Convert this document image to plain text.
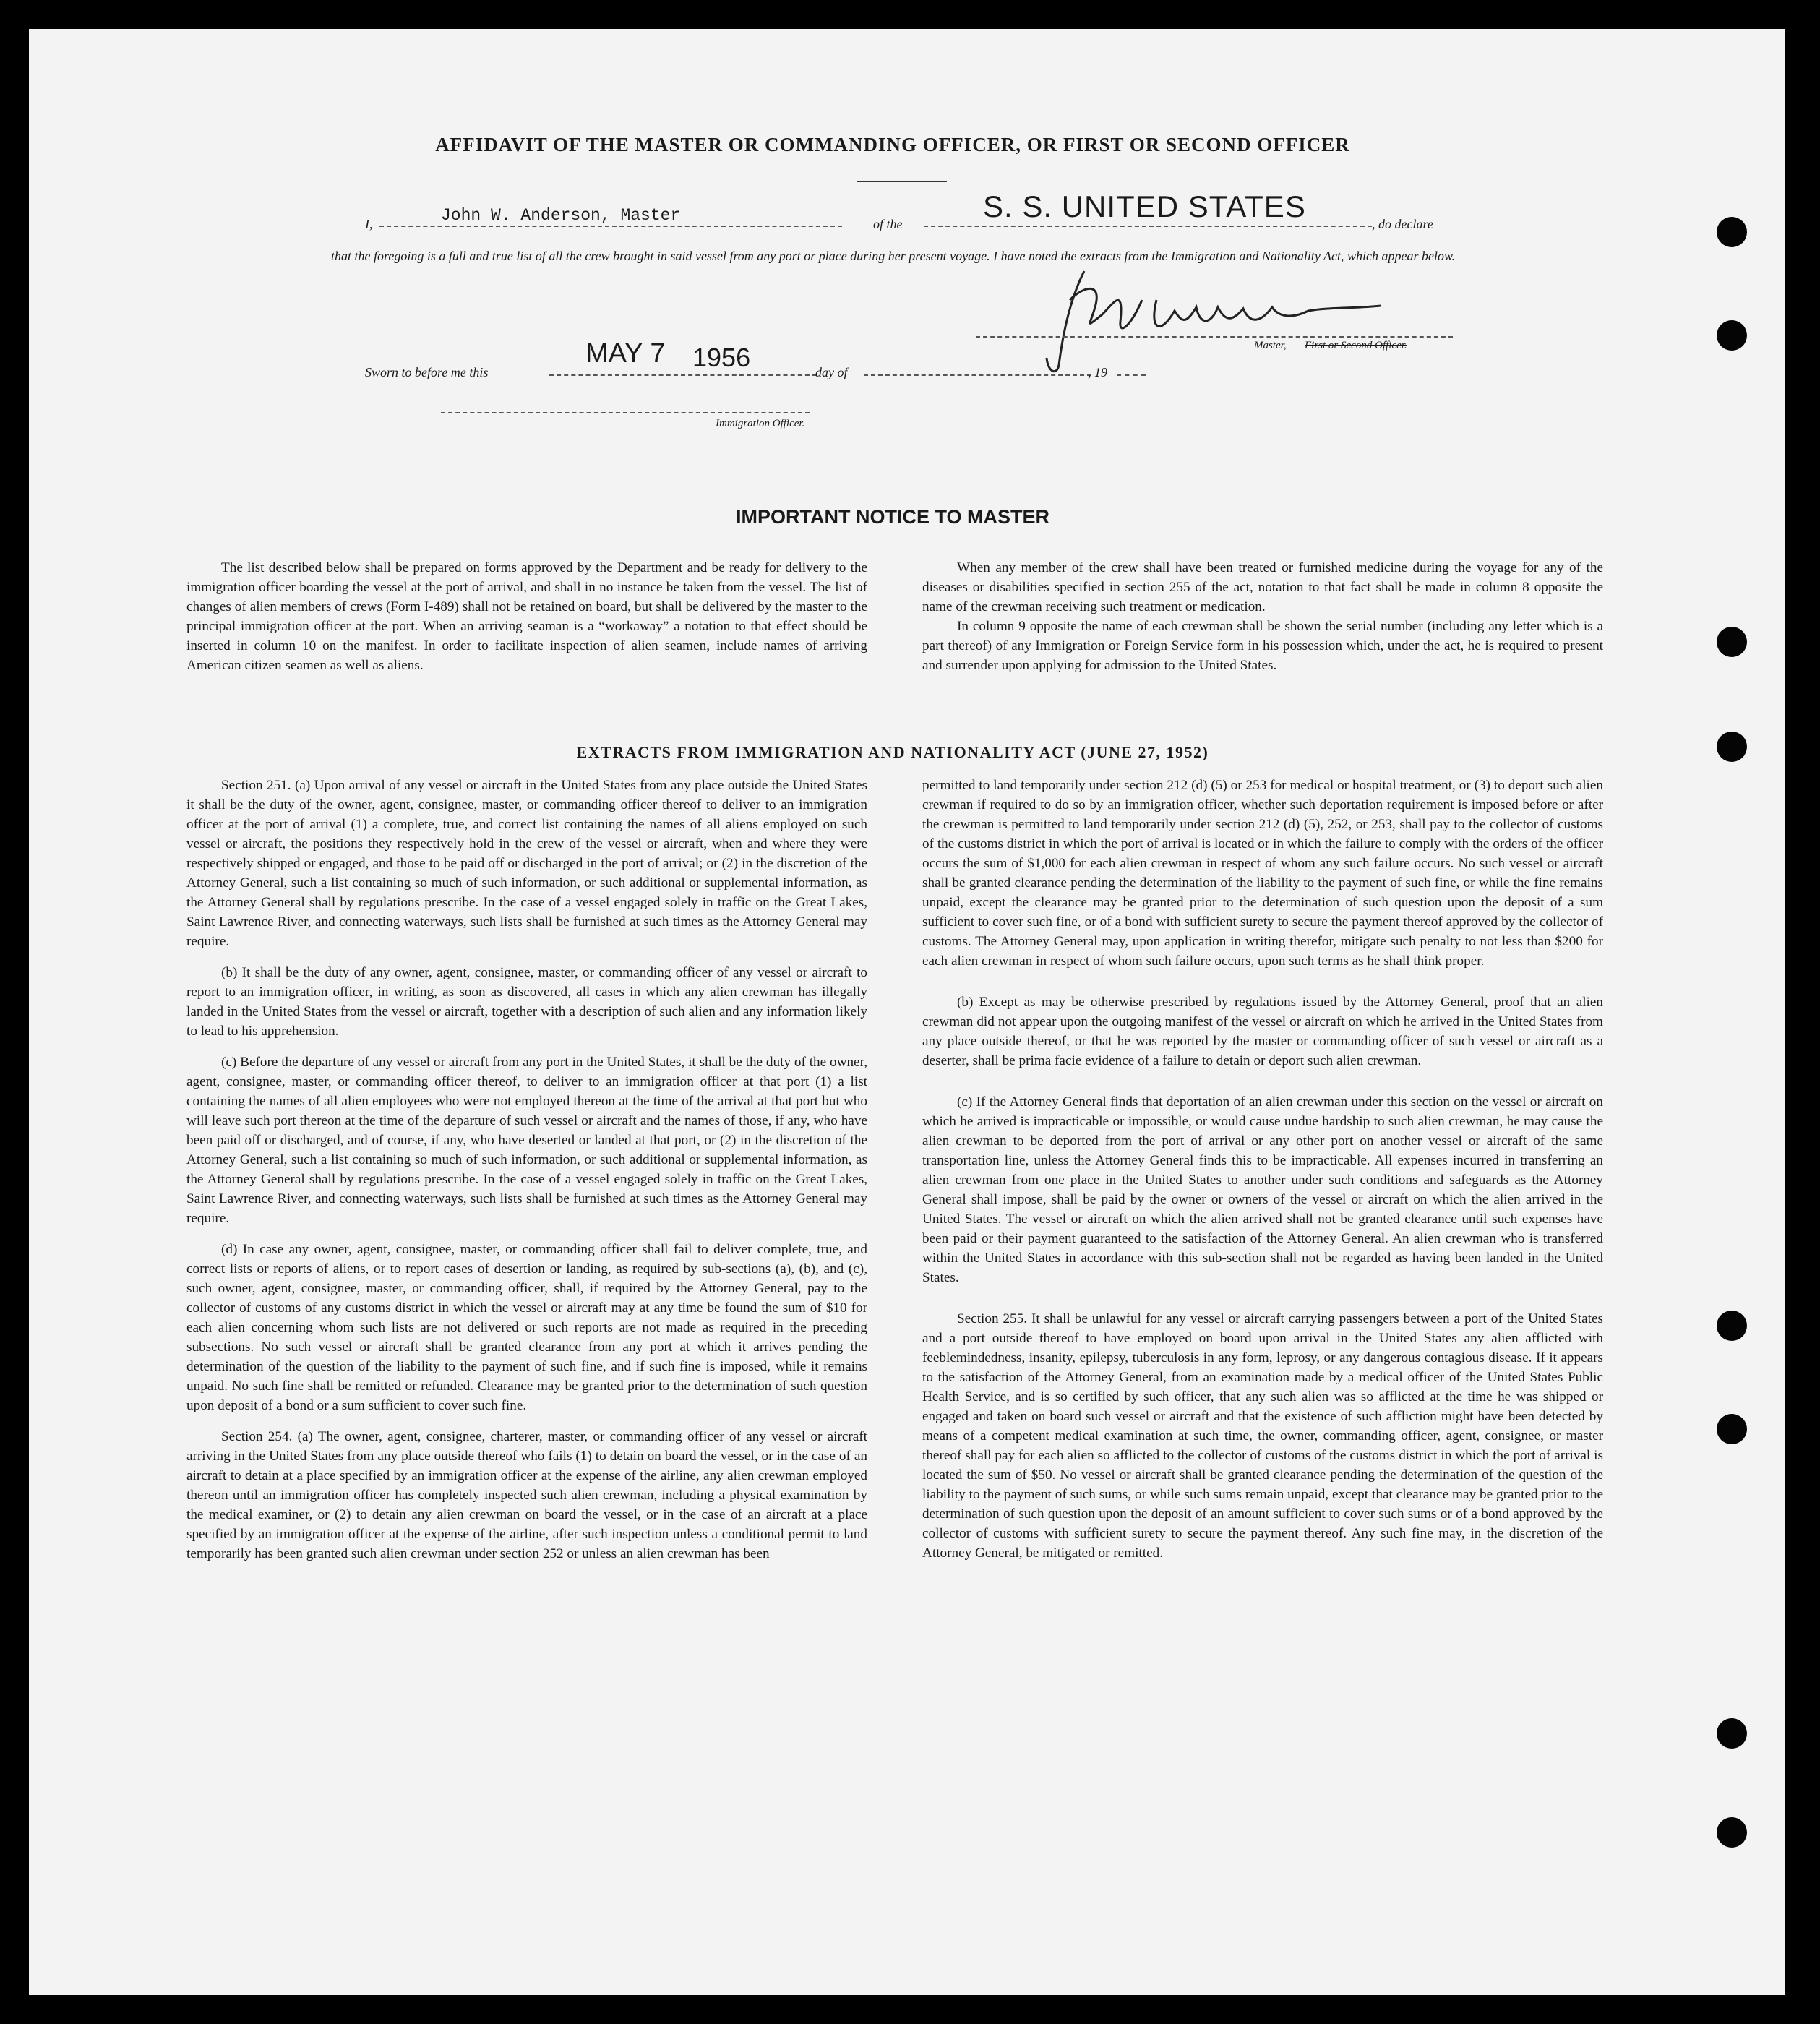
AFFIDAVIT OF THE MASTER OR COMMANDING OFFICER, OR FIRST OR SECOND OFFICER
I,	John W. Anderson, Master	of the
S. S. UNITED STATES
, do declare
that the foregoing is a full and true list of all the crew brought in said vessel from any port or place during her present voyage. I have noted the extracts from the Immigration and Nationality Act, which appear below.
Master, First or Second Officer.
Sworn to before me this
MAY 7 1956	day of	, 19
Immigration Officer.
IMPORTANT NOTICE TO MASTER

The list described below shall be prepared on forms approved by the Department and be ready for delivery to the immigration officer boarding the vessel at the port of arrival, and shall in no instance be taken from the vessel. The list of changes of alien members of crews (Form I-489) shall not be retained on board, but shall be delivered by the master to the principal immigration officer at the port. When an arriving seaman is a “workaway” a notation to that effect should be inserted in column 10 on the manifest. In order to facilitate inspection of alien seamen, include names of arriving American citizen seamen as well as aliens.

When any member of the crew shall have been treated or furnished medicine during the voyage for any of the diseases or disabilities specified in section 255 of the act, notation to that fact shall be made in column 8 opposite the name of the crewman receiving such treatment or medication.

In column 9 opposite the name of each crewman shall be shown the serial number (including any letter which is a part thereof) of any Immigration or Foreign Service form in his possession which, under the act, he is required to present and surrender upon applying for admission to the United States.

EXTRACTS FROM IMMIGRATION AND NATIONALITY ACT (JUNE 27, 1952)

Section 251. (a) Upon arrival of any vessel or aircraft in the United States from any place outside the United States it shall be the duty of the owner, agent, consignee, master, or commanding officer thereof to deliver to an immigration officer at the port of arrival (1) a complete, true, and correct list containing the names of all aliens employed on such vessel or aircraft, the positions they respectively hold in the crew of the vessel or aircraft, when and where they were respectively shipped or engaged, and those to be paid off or discharged in the port of arrival; or (2) in the discretion of the Attorney General, such a list containing so much of such information, or such additional or supplemental information, as the Attorney General shall by regulations prescribe. In the case of a vessel engaged solely in traffic on the Great Lakes, Saint Lawrence River, and connecting waterways, such lists shall be furnished at such times as the Attorney General may require.

(b) It shall be the duty of any owner, agent, consignee, master, or commanding officer of any vessel or aircraft to report to an immigration officer, in writing, as soon as discovered, all cases in which any alien crewman has illegally landed in the United States from the vessel or aircraft, together with a description of such alien and any information likely to lead to his apprehension.

(c) Before the departure of any vessel or aircraft from any port in the United States, it shall be the duty of the owner, agent, consignee, master, or commanding officer thereof, to deliver to an immigration officer at that port (1) a list containing the names of all alien employees who were not employed thereon at the time of the arrival at that port but who will leave such port thereon at the time of the departure of such vessel or aircraft and the names of those, if any, who have been paid off or discharged, and of course, if any, who have deserted or landed at that port, or (2) in the discretion of the Attorney General, such a list containing so much of such information, or such additional or supplemental information, as the Attorney General shall by regulations prescribe. In the case of a vessel engaged solely in traffic on the Great Lakes, Saint Lawrence River, and connecting waterways, such lists shall be furnished at such times as the Attorney General may require.

(d) In case any owner, agent, consignee, master, or commanding officer shall fail to deliver complete, true, and correct lists or reports of aliens, or to report cases of desertion or landing, as required by sub-sections (a), (b), and (c), such owner, agent, consignee, master, or commanding officer, shall, if required by the Attorney General, pay to the collector of customs of any customs district in which the vessel or aircraft may at any time be found the sum of $10 for each alien concerning whom such lists are not delivered or such reports are not made as required in the preceding subsections. No such vessel or aircraft shall be granted clearance from any port at which it arrives pending the determination of the question of the liability to the payment of such fine, and if such fine is imposed, while it remains unpaid. No such fine shall be remitted or refunded. Clearance may be granted prior to the determination of such question upon deposit of a bond or a sum sufficient to cover such fine.

Section 254. (a) The owner, agent, consignee, charterer, master, or commanding officer of any vessel or aircraft arriving in the United States from any place outside thereof who fails (1) to detain on board the vessel, or in the case of an aircraft to detain at a place specified by an immigration officer at the expense of the airline, any alien crewman employed thereon until an immigration officer has completely inspected such alien crewman, including a physical examination by the medical examiner, or (2) to detain any alien crewman on board the vessel, or in the case of an aircraft at a place specified by an immigration officer at the expense of the airline, after such inspection unless a conditional permit to land temporarily has been granted such alien crewman under section 252 or unless an alien crewman has been

permitted to land temporarily under section 212 (d) (5) or 253 for medical or hospital treatment, or (3) to deport such alien crewman if required to do so by an immigration officer, whether such deportation requirement is imposed before or after the crewman is permitted to land temporarily under section 212 (d) (5), 252, or 253, shall pay to the collector of customs of the customs district in which the port of arrival is located or in which the failure to comply with the orders of the officer occurs the sum of $1,000 for each alien crewman in respect of whom any such failure occurs. No such vessel or aircraft shall be granted clearance pending the determination of the liability to the payment of such fine, or while the fine remains unpaid, except the clearance may be granted prior to the determination of such question upon the deposit of a sum sufficient to cover such fine, or of a bond with sufficient surety to secure the payment thereof approved by the collector of customs. The Attorney General may, upon application in writing therefor, mitigate such penalty to not less than $200 for each alien crewman in respect of whom such failure occurs, upon such terms as he shall think proper.

(b) Except as may be otherwise prescribed by regulations issued by the Attorney General, proof that an alien crewman did not appear upon the outgoing manifest of the vessel or aircraft on which he arrived in the United States from any place outside thereof, or that he was reported by the master or commanding officer of such vessel or aircraft as a deserter, shall be prima facie evidence of a failure to detain or deport such alien crewman.

(c) If the Attorney General finds that deportation of an alien crewman under this section on the vessel or aircraft on which he arrived is impracticable or impossible, or would cause undue hardship to such alien crewman, he may cause the alien crewman to be deported from the port of arrival or any other port on another vessel or aircraft of the same transportation line, unless the Attorney General finds this to be impracticable. All expenses incurred in transferring an alien crewman from one place in the United States to another under such conditions and safeguards as the Attorney General shall impose, shall be paid by the owner or owners of the vessel or aircraft on which the alien arrived in the United States. The vessel or aircraft on which the alien arrived shall not be granted clearance until such expenses have been paid or their payment guaranteed to the satisfaction of the Attorney General. An alien crewman who is transferred within the United States in accordance with this sub-section shall not be regarded as having been landed in the United States.

Section 255. It shall be unlawful for any vessel or aircraft carrying passengers between a port of the United States and a port outside thereof to have employed on board upon arrival in the United States any alien afflicted with feeblemindedness, insanity, epilepsy, tuberculosis in any form, leprosy, or any dangerous contagious disease. If it appears to the satisfaction of the Attorney General, from an examination made by a medical officer of the United States Public Health Service, and is so certified by such officer, that any such alien was so afflicted at the time he was shipped or engaged and taken on board such vessel or aircraft and that the existence of such affliction might have been detected by means of a competent medical examination at such time, the owner, commanding officer, agent, consignee, or master thereof shall pay for each alien so afflicted to the collector of customs of the customs district in which the port of arrival is located the sum of $50. No vessel or aircraft shall be granted clearance pending the determination of the question of the liability to the payment of such sums, or while such sums remain unpaid, except that clearance may be granted prior to the determination of such question upon the deposit of an amount sufficient to cover such sums or of a bond approved by the collector of customs with sufficient surety to secure the payment thereof. Any such fine may, in the discretion of the Attorney General, be mitigated or remitted.
